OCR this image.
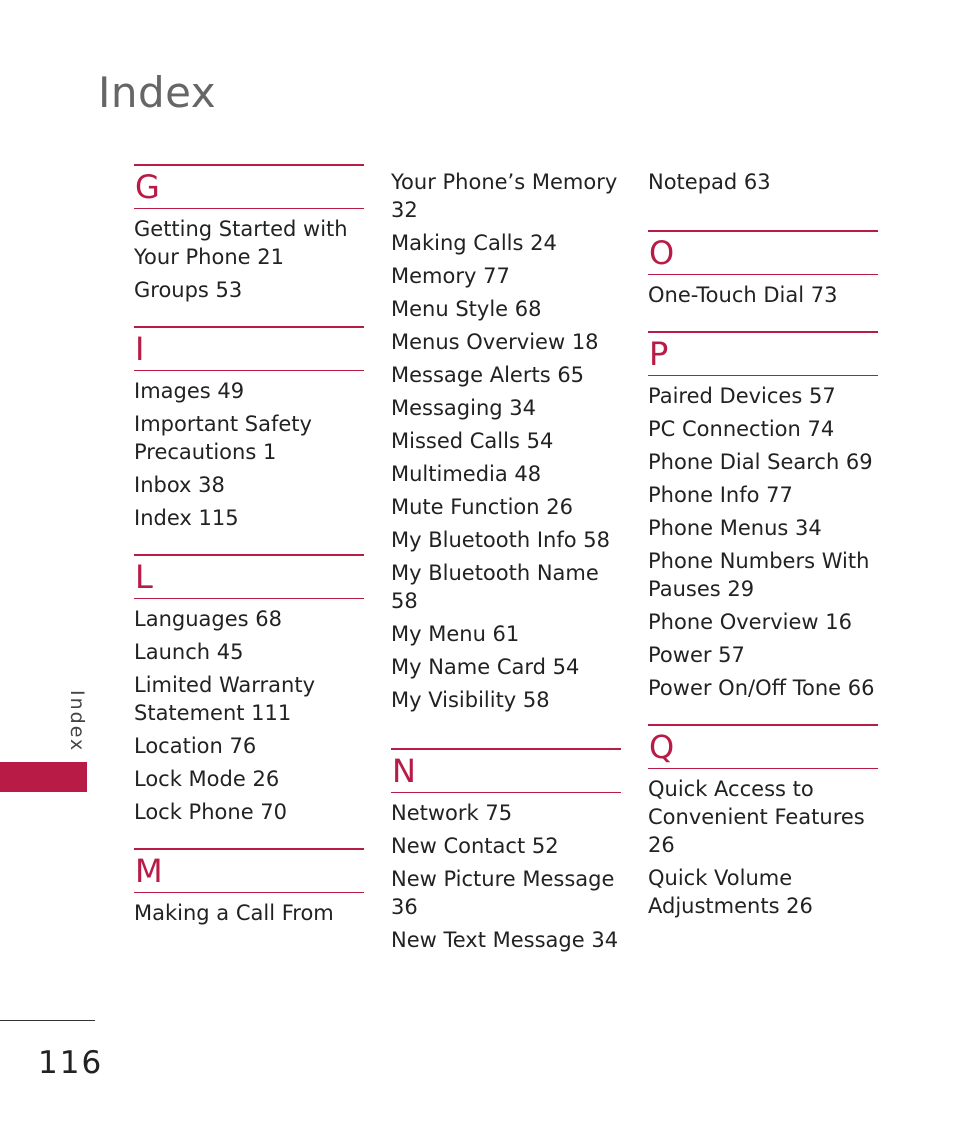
Index
G
Getting Started with Your Phone 21
Groups 53
I
Images 49
Important Safety Precautions 1
Inbox 38
Index 115
L
Languages 68
Launch 45
Limited Warranty Statement 111
Location 76
Lock Mode 26
Lock Phone 70
M
Making a Call From
Your Phone’s Memory 32
Making Calls 24
Memory 77
Menu Style 68
Menus Overview 18
Message Alerts 65
Messaging 34
Missed Calls 54
Multimedia 48
Mute Function 26
My Bluetooth Info 58
My Bluetooth Name 58
My Menu 61
My Name Card 54
My Visibility 58
N
Network 75
New Contact 52
New Picture Message 36
New Text Message 34
Notepad 63
O
One-Touch Dial 73
P
Paired Devices 57
PC Connection 74
Phone Dial Search 69
Phone Info 77
Phone Menus 34
Phone Numbers With Pauses 29
Phone Overview 16
Power 57
Power On/Off Tone 66
Q
Quick Access to Convenient Features 26
Quick Volume Adjustments 26
Index
116
